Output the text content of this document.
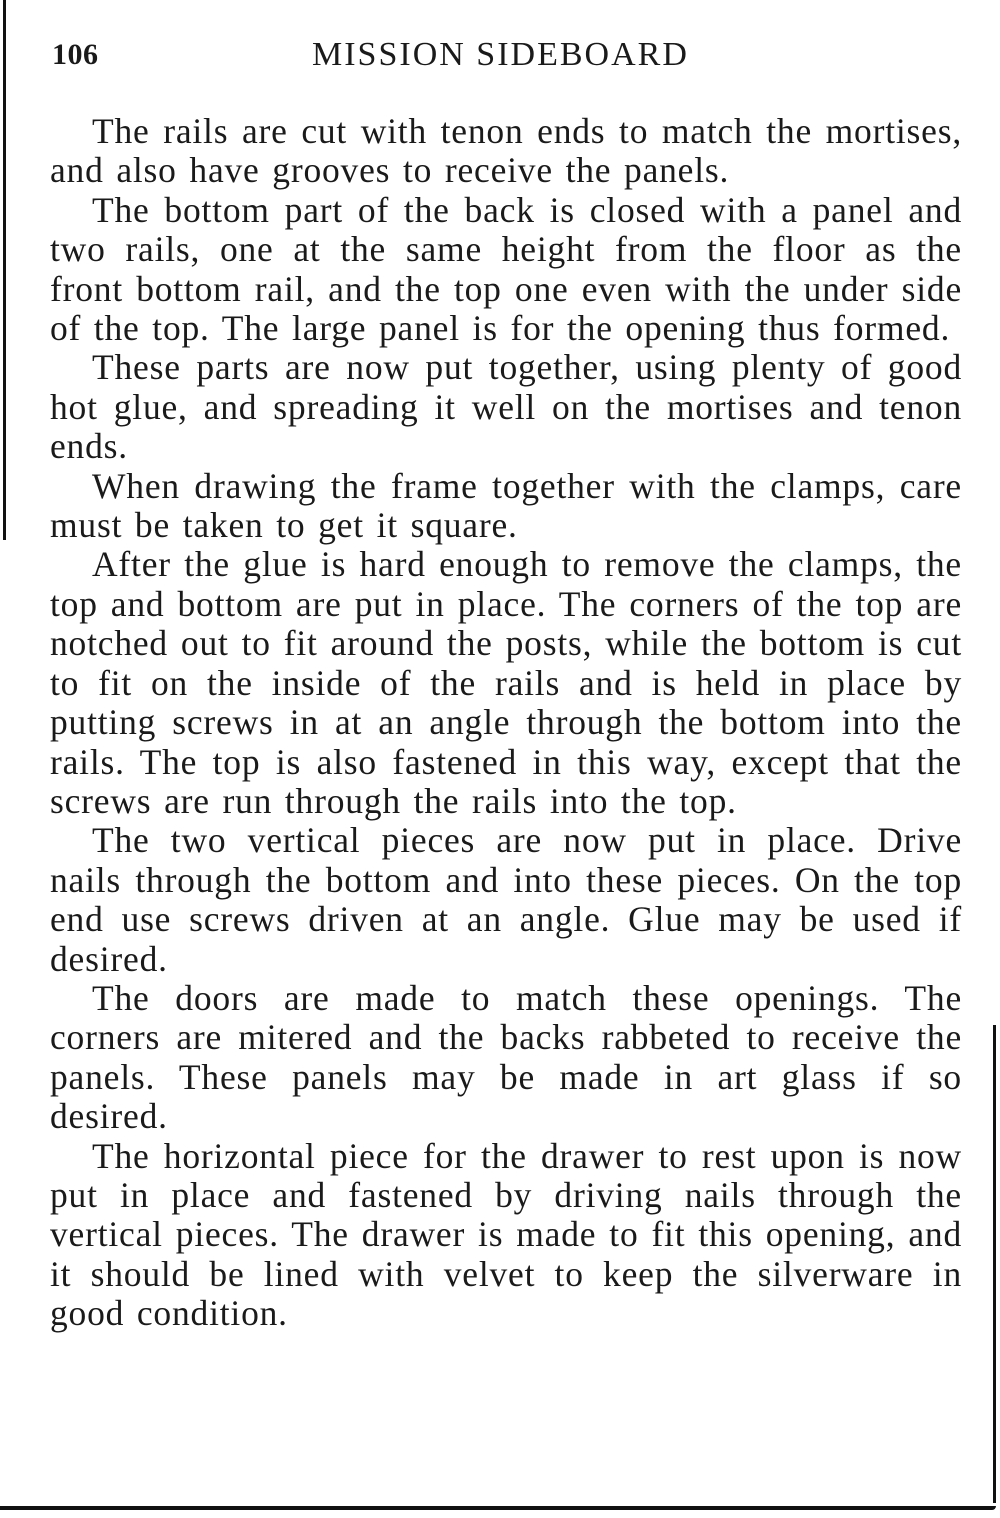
106	MISSION SIDEBOARD

The rails are cut with tenon ends to match the mortises, and also have grooves to receive the panels.

The bottom part of the back is closed with a panel and two rails, one at the same height from the floor as the front bottom rail, and the top one even with the under side of the top. The large panel is for the opening thus formed.

These parts are now put together, using plenty of good hot glue, and spreading it well on the mortises and tenon ends.

When drawing the frame together with the clamps, care must be taken to get it square.

After the glue is hard enough to remove the clamps, the top and bottom are put in place. The corners of the top are notched out to fit around the posts, while the bottom is cut to fit on the inside of the rails and is held in place by putting screws in at an angle through the bottom into the rails. The top is also fastened in this way, except that the screws are run through the rails into the top.

The two vertical pieces are now put in place. Drive nails through the bottom and into these pieces. On the top end use screws driven at an angle. Glue may be used if desired.

The doors are made to match these openings. The corners are mitered and the backs rabbeted to receive the panels. These panels may be made in art glass if so desired.

The horizontal piece for the drawer to rest upon is now put in place and fastened by driving nails through the vertical pieces. The drawer is made to fit this opening, and it should be lined with velvet to keep the silverware in good condition.
